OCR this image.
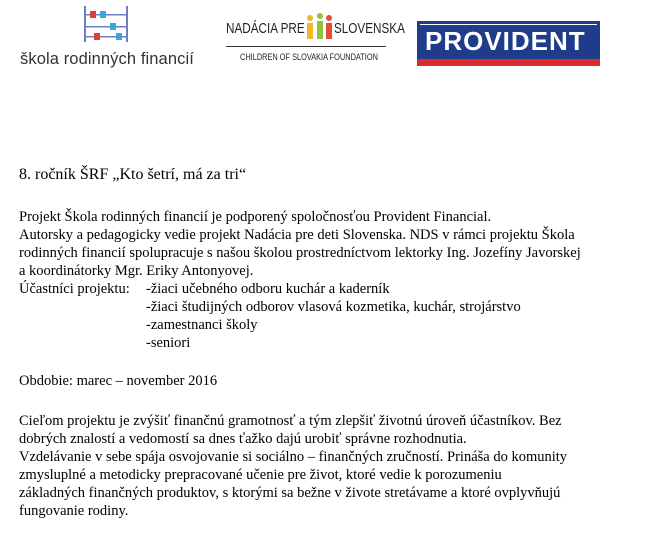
škola rodinných financií
NADÁCIA PRE SLOVENSKA
CHILDREN OF SLOVAKIA FOUNDATION
PROVIDENT
8. ročník ŠRF „Kto šetrí, má za tri“
Projekt Škola rodinných financií je podporený spoločnosťou Provident Financial.
Autorsky a pedagogicky vedie projekt Nadácia pre deti Slovenska. NDS v rámci projektu Škola
rodinných financií spolupracuje s našou školou prostredníctvom lektorky Ing. Jozefíny Javorskej
a koordinátorky Mgr. Eriky Antonyovej.
Účastníci projektu: -žiaci učebného odboru kuchár a kaderník
-žiaci študijných odborov vlasová kozmetika, kuchár, strojárstvo
-zamestnanci školy
-seniori
Obdobie: marec – november 2016
Cieľom projektu je zvýšiť finančnú gramotnosť a tým zlepšiť životnú úroveň účastníkov. Bez
dobrých znalostí a vedomostí sa dnes ťažko dajú urobiť správne rozhodnutia.
Vzdelávanie v sebe spája osvojovanie si sociálno – finančných zručností. Prináša do komunity
zmysluplné a metodicky prepracované učenie pre život, ktoré vedie k porozumeniu
základných finančných produktov, s ktorými sa bežne v živote stretávame a ktoré ovplyvňujú
fungovanie rodiny.
